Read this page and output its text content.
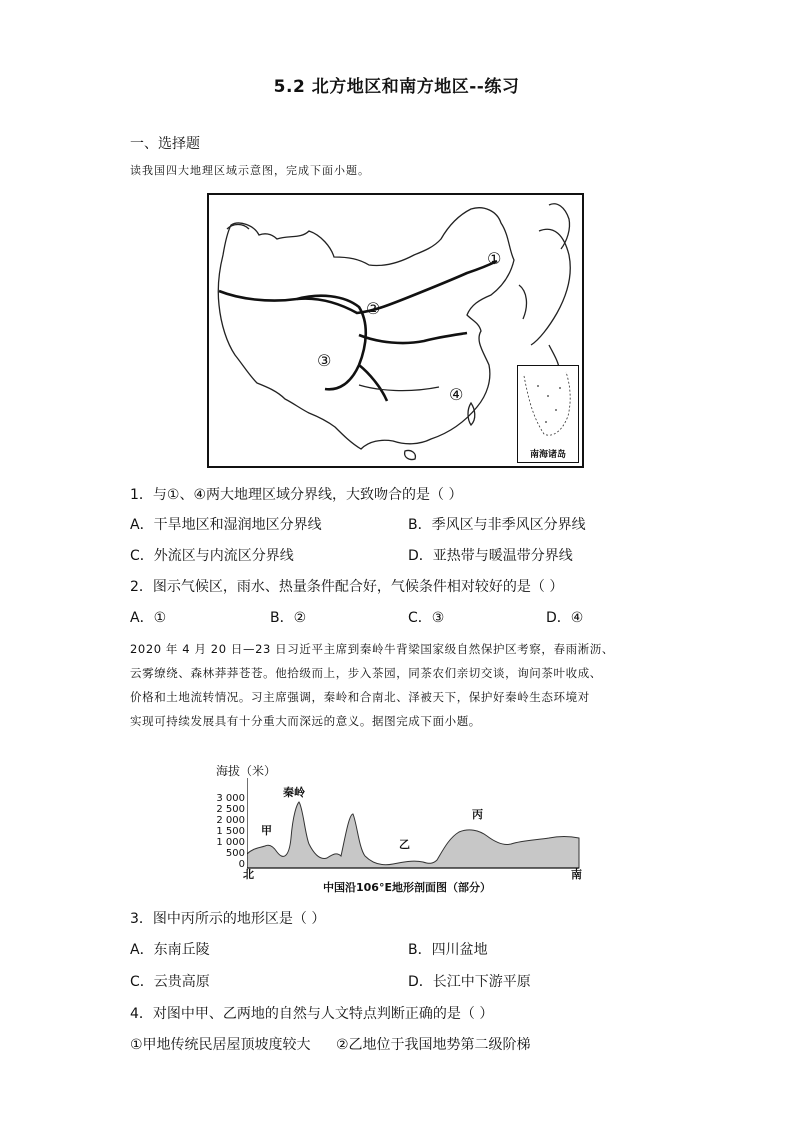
5.2 北方地区和南方地区--练习
一、选择题
读我国四大地理区域示意图，完成下面小题。
①
②
③
④
南海诸岛
1．与①、④两大地理区域分界线，大致吻合的是（ ）
A．干旱地区和湿润地区分界线	B．季风区与非季风区分界线
C．外流区与内流区分界线	D．亚热带与暖温带分界线
2．图示气候区，雨水、热量条件配合好，气候条件相对较好的是（ ）
A．①	B．②	C．③	D．④

2020 年 4 月 20 日—23 日习近平主席到秦岭牛背梁国家级自然保护区考察，春雨淅沥、

云雾缭绕、森林莽莽苍苍。他拾级而上，步入茶园，同茶农们亲切交谈，询问茶叶收成、

价格和土地流转情况。习主席强调，秦岭和合南北、泽被天下，保护好秦岭生态环境对

实现可持续发展具有十分重大而深远的意义。据图完成下面小题。

海拔（米）
3 000
2 500
2 000
1 500
1 000
500
0
甲
秦岭
乙
丙
北	南
中国沿106°E地形剖面图（部分）
3．图中丙所示的地形区是（ ）
A．东南丘陵	B．四川盆地
C．云贵高原	D．长江中下游平原
4．对图中甲、乙两地的自然与人文特点判断正确的是（ ）
①甲地传统民居屋顶坡度较大 ②乙地位于我国地势第二级阶梯
